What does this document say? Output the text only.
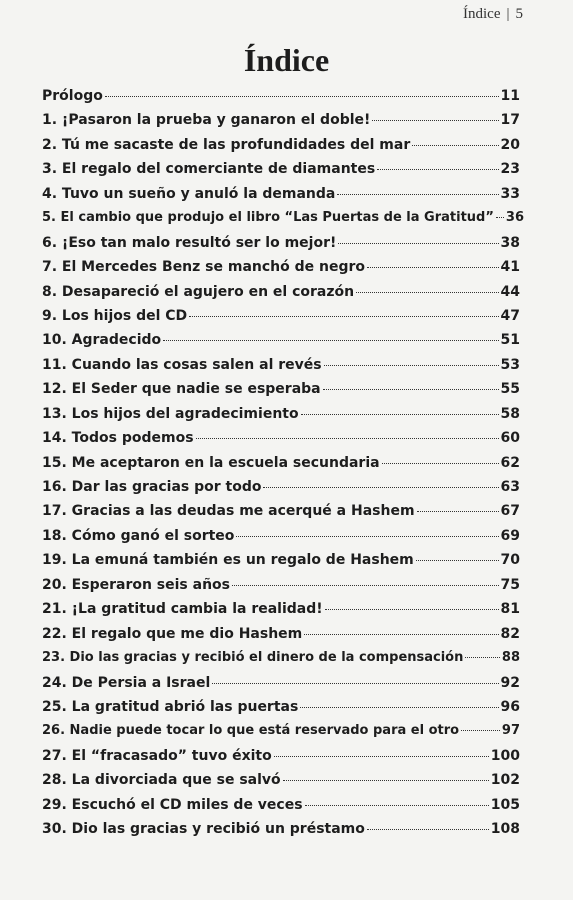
Índice | 5
Índice
Prólogo	11
1. ¡Pasaron la prueba y ganaron el doble!	17
2. Tú me sacaste de las profundidades del mar	20
3. El regalo del comerciante de diamantes	23
4. Tuvo un sueño y anuló la demanda	33
5. El cambio que produjo el libro “Las Puertas de la Gratitud” 36
6. ¡Eso tan malo resultó ser lo mejor!	38
7. El Mercedes Benz se manchó de negro	41
8. Desapareció el agujero en el corazón	44
9. Los hijos del CD	47
10. Agradecido	51
11. Cuando las cosas salen al revés	53
12. El Seder que nadie se esperaba	55
13. Los hijos del agradecimiento	58
14. Todos podemos	60
15. Me aceptaron en la escuela secundaria	62
16. Dar las gracias por todo	63
17. Gracias a las deudas me acerqué a Hashem	67
18. Cómo ganó el sorteo	69
19. La emuná también es un regalo de Hashem	70
20. Esperaron seis años	75
21. ¡La gratitud cambia la realidad!	81
22. El regalo que me dio Hashem	82
23. Dio las gracias y recibió el dinero de la compensación	88
24. De Persia a Israel	92
25. La gratitud abrió las puertas	96
26. Nadie puede tocar lo que está reservado para el otro	97
27. El “fracasado” tuvo éxito	100
28. La divorciada que se salvó	102
29. Escuchó el CD miles de veces	105
30. Dio las gracias y recibió un préstamo	108
